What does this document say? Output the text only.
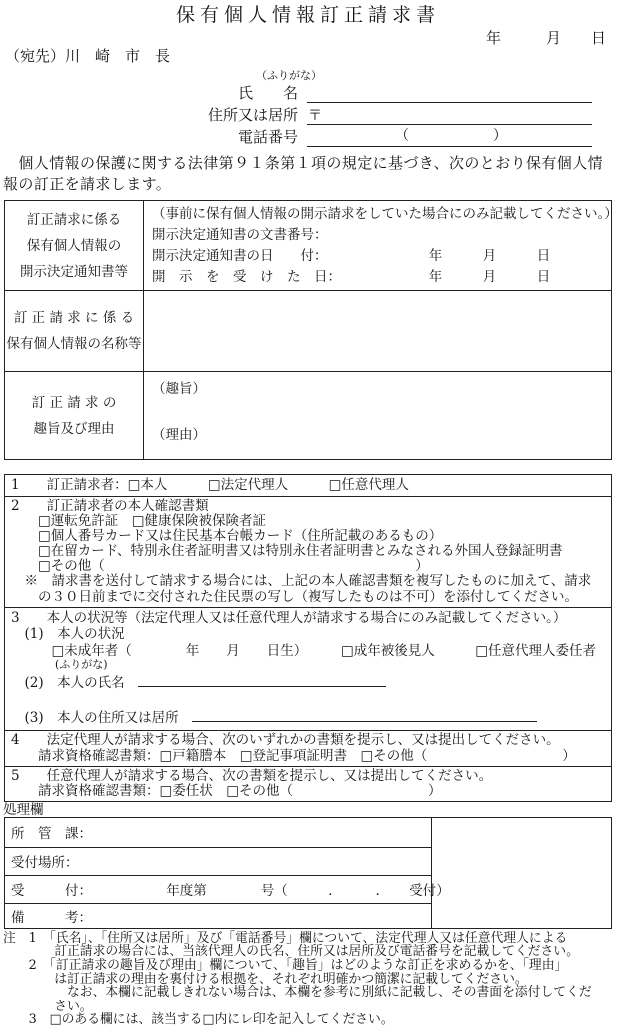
保有個人情報訂正請求書
年　　　月　　日
（宛先）川　崎　市　長
（ふりがな）
氏　　名
住所又は居所 〒
電話番号	（　　　　　　）
　個人情報の保護に関する法律第９１条第１項の規定に基づき、次のとおり保有個人情報の訂正を請求します。
訂正請求に係る
保有個人情報の
開示決定通知書等

（事前に保有個人情報の開示請求をしていた場合にのみ記載してください。）
開示決定通知書の文書番号：
開示決定通知書の日　　付：　　　　　　　　年　　　月　　　日
開　示　を　受　け　た　日：　　　　　　　年　　　月　　　日

訂 正 請 求 に 係 る
保有個人情報の名称等	

訂 正 請 求 の
趣旨及び理由

（趣旨）
（理由）
1　　訂正請求者：□本人　　　□法定代理人　　　□任意代理人

2　　訂正請求者の本人確認書類
　　□運転免許証　□健康保険被保険者証
　　□個人番号カード又は住民基本台帳カード（住所記載のあるもの）
　　□在留カード、特別永住者証明書又は特別永住者証明書とみなされる外国人登録証明書
　　□その他（　　　　　　　　　　　　　　　　　　　　　　　）
　※　請求書を送付して請求する場合には、上記の本人確認書類を複写したものに加えて、請求
　　の３０日前までに交付された住民票の写し（複写したものは不可）を添付してください。

3　　本人の状況等（法定代理人又は任意代理人が請求する場合にのみ記載してください。）
　(1)　本人の状況
　　　□未成年者（　　　　年　　月　　日生）　　　□成年被後見人　　　□任意代理人委任者
　　　　(ふりがな)
　(2)　本人の氏名　
　(3)　本人の住所又は居所　

4　　法定代理人が請求する場合、次のいずれかの書類を提示し、又は提出してください。
　　請求資格確認書類：□戸籍謄本　□登記事項証明書　□その他（　　　　　　　　　　）

5　　任意代理人が請求する場合、次の書類を提示し、又は提出してください。
　　請求資格確認書類：□委任状　□その他（　　　　　　　　　　）
処理欄
所　管　課：	
受付場所：
受　　　付：　　　　　　年度第　　　　号（　　　．　　　．　　受付）
備　　　考：
注　1　「氏名」、「住所又は居所」及び「電話番号」欄について、法定代理人又は任意代理人による
　　　　訂正請求の場合には、当該代理人の氏名、住所又は居所及び電話番号を記載してください。
　　2　「訂正請求の趣旨及び理由」欄について、「趣旨」はどのような訂正を求めるかを、「理由」
　　　　は訂正請求の理由を裏付ける根拠を、それぞれ明確かつ簡潔に記載してください。
　　　　　なお、本欄に記載しきれない場合は、本欄を参考に別紙に記載し、その書面を添付してくだ
　　　　さい。
　　3　□のある欄には、該当する□内にレ印を記入してください。
